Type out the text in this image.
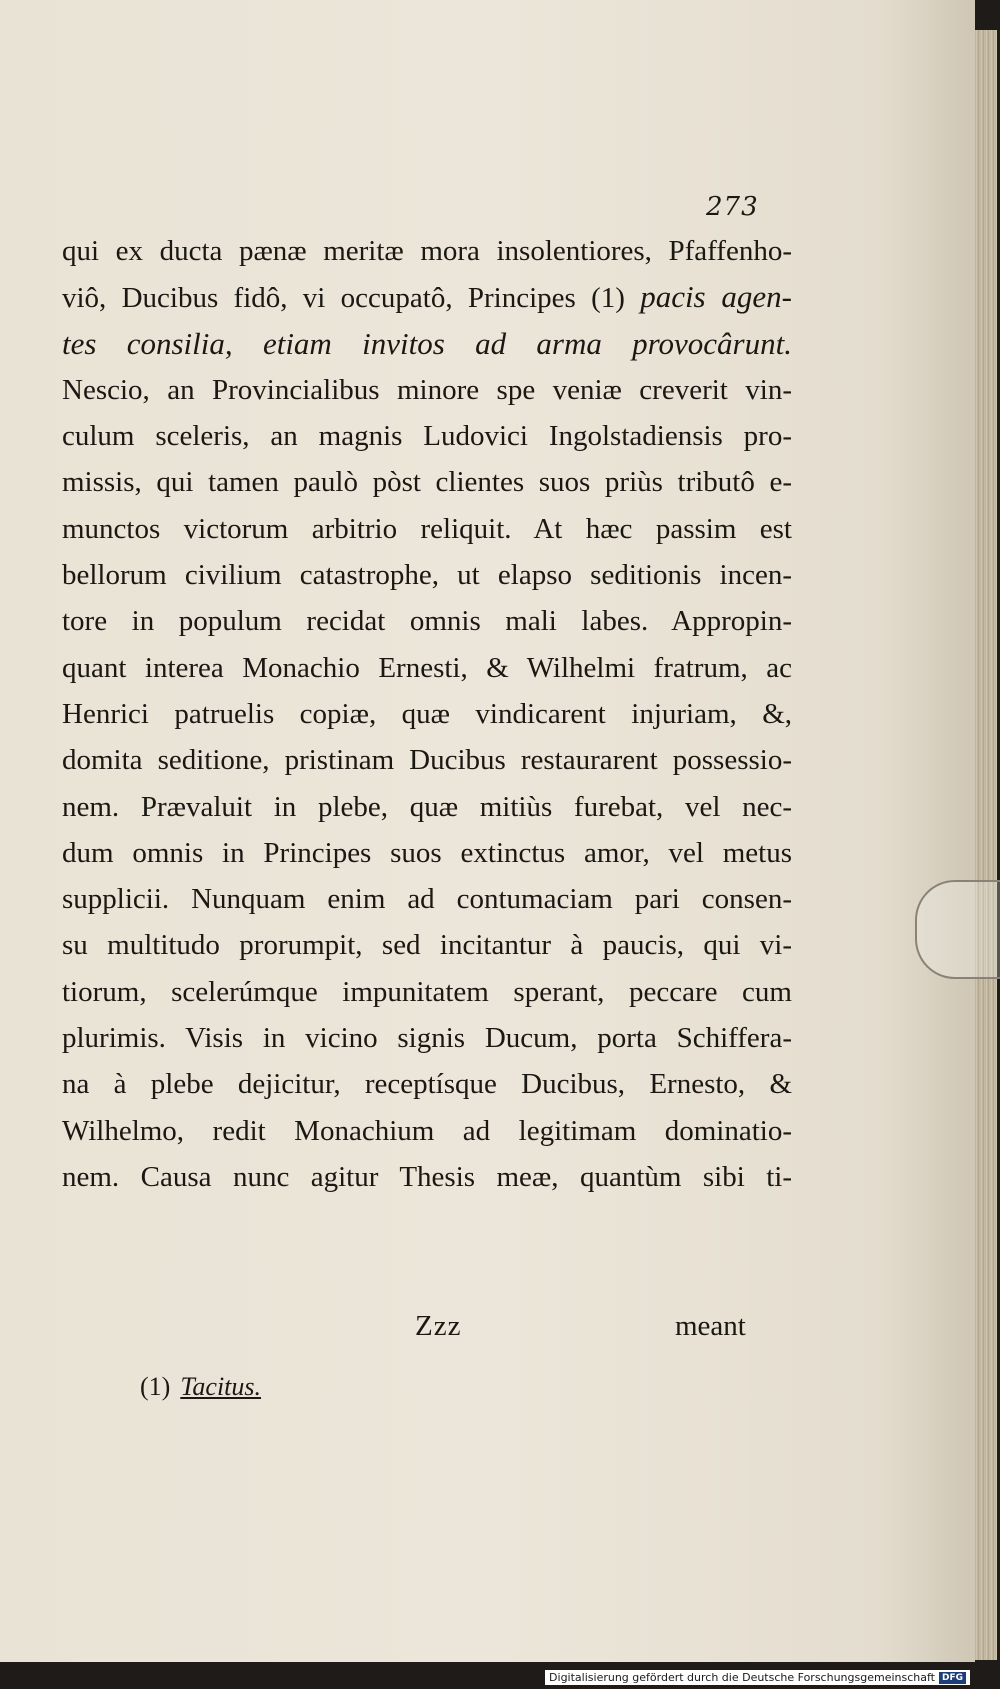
273
qui ex ducta pænæ meritæ mora insolentiores, Pfaffenho-
viô, Ducibus fidô, vi occupatô, Principes (1) pacis agen-
tes consilia, etiam invitos ad arma provocârunt.
Nescio, an Provincialibus minore spe veniæ creverit vin-
culum sceleris, an magnis Ludovici Ingolstadiensis pro-
missis, qui tamen paulò pòst clientes suos priùs tributô e-
munctos victorum arbitrio reliquit. At hæc passim est
bellorum civilium catastrophe, ut elapso seditionis incen-
tore in populum recidat omnis mali labes. Appropin-
quant interea Monachio Ernesti, & Wilhelmi fratrum, ac
Henrici patruelis copiæ, quæ vindicarent injuriam, &,
domita seditione, pristinam Ducibus restaurarent possessio-
nem. Prævaluit in plebe, quæ mitiùs furebat, vel nec-
dum omnis in Principes suos extinctus amor, vel metus
supplicii. Nunquam enim ad contumaciam pari consen-
su multitudo prorumpit, sed incitantur à paucis, qui vi-
tiorum, scelerúmque impunitatem sperant, peccare cum
plurimis. Visis in vicino signis Ducum, porta Schiffera-
na à plebe dejicitur, receptísque Ducibus, Ernesto, &
Wilhelmo, redit Monachium ad legitimam dominatio-
nem. Causa nunc agitur Thesis meæ, quantùm sibi ti-
Zzz	meant
(1) Tacitus.
Digitalisierung gefördert durch die Deutsche Forschungsgemeinschaft DFG
